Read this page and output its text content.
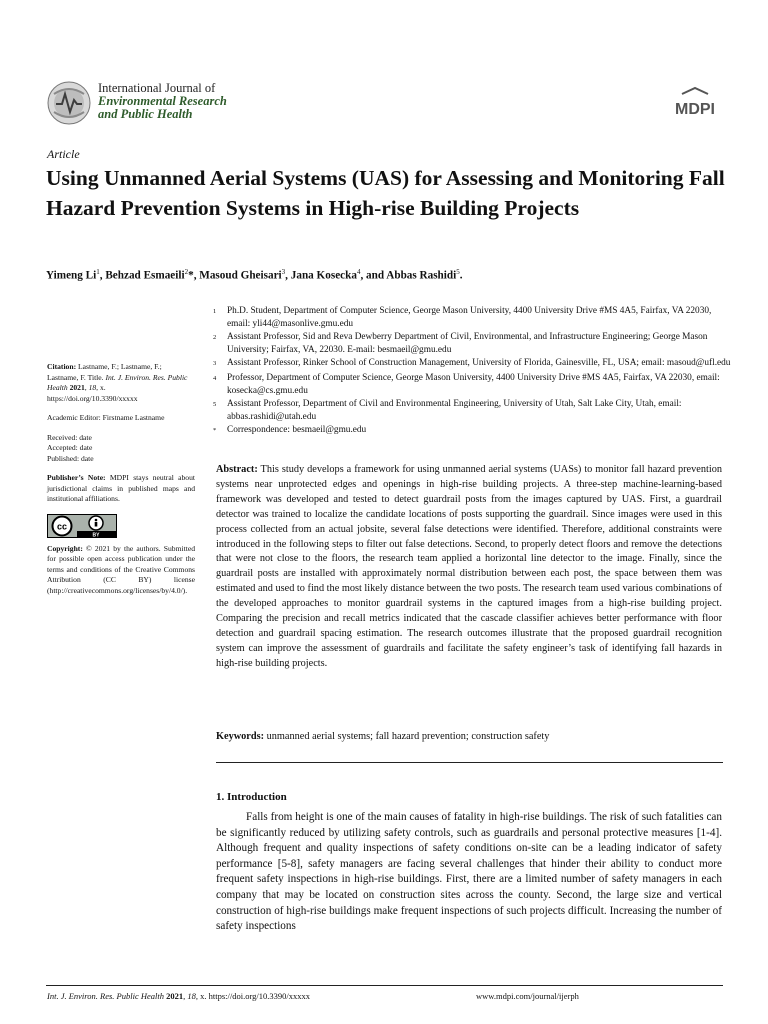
International Journal of
Environmental Research
and Public Health	MDPI
Article
Using Unmanned Aerial Systems (UAS) for Assessing and Monitoring Fall Hazard Prevention Systems in High-rise Building Projects
Yimeng Li$^1$, Behzad Esmaeili$^2$*, Masoud Gheisari$^3$, Jana Kosecka$^4$, and Abbas Rashidi$^5$.
1	Ph.D. Student, Department of Computer Science, George Mason University, 4400 University Drive #MS 4A5, Fairfax, VA 22030, email: yli44@masonlive.gmu.edu
2	Assistant Professor, Sid and Reva Dewberry Department of Civil, Environmental, and Infrastructure Engineering; George Mason University; Fairfax, VA, 22030. E-mail: besmaeil@gmu.edu
3	Assistant Professor, Rinker School of Construction Management, University of Florida, Gainesville, FL, USA; email: masoud@ufl.edu
4	Professor, Department of Computer Science, George Mason University, 4400 University Drive #MS 4A5, Fairfax, VA 22030, email: kosecka@cs.gmu.edu
5	Assistant Professor, Department of Civil and Environmental Engineering, University of Utah, Salt Lake City, Utah, email: abbas.rashidi@utah.edu
*	Correspondence: besmaeil@gmu.edu
Citation: Lastname, F.; Lastname, F.; Lastname, F. Title. Int. J. Environ. Res. Public Health 2021, 18, x. https://doi.org/10.3390/xxxxx
Academic Editor: Firstname Lastname
Received: date
Accepted: date
Published: date
Publisher’s Note: MDPI stays neutral about jurisdictional claims in published maps and institutional affiliations.
cc
BY
Copyright: © 2021 by the authors. Submitted for possible open access publication under the terms and conditions of the Creative Commons Attribution (CC BY) license (http://creativecommons.org/licenses/by/4.0/).

Abstract: This study develops a framework for using unmanned aerial systems (UASs) to monitor fall hazard prevention systems near unprotected edges and openings in high-rise building projects. A three-step machine-learning-based framework was developed and tested to detect guardrail posts from the images captured by UAS. First, a guardrail detector was trained to localize the candidate locations of posts supporting the guardrail. Since images were used in this process collected from an actual jobsite, several false detections were identified. Therefore, additional constraints were introduced in the following steps to filter out false detections. Second, to properly detect floors and remove the detections that were not close to the floors, the research team applied a horizontal line detector to the image. Finally, since the guardrail posts are installed with approximately normal distribution between each post, the space between them was estimated and used to find the most likely distance between the two posts. The research team used various combinations of the developed approaches to monitor guardrail systems in the captured images from a high-rise building project. Comparing the precision and recall metrics indicated that the cascade classifier achieves better performance with floor detection and guardrail spacing estimation. The research outcomes illustrate that the proposed guardrail recognition system can improve the assessment of guardrails and facilitate the safety engineer’s task of identifying fall hazards in high-rise building projects.

Keywords: unmanned aerial systems; fall hazard prevention; construction safety
1. Introduction

Falls from height is one of the main causes of fatality in high-rise buildings. The risk of such fatalities can be significantly reduced by utilizing safety controls, such as guardrails and personal protective measures [1-4]. Although frequent and quality inspections of safety conditions on-site can be a leading indicator of safety performance [5-8], safety managers are facing several challenges that hinder their ability to conduct more frequent safety inspections in high-rise buildings. First, there are a limited number of safety managers in each company that may be located on construction sites across the county. Second, the large size and vertical construction of high-rise buildings make frequent inspections of such projects difficult. Increasing the number of safety inspections

Int. J. Environ. Res. Public Health 2021, 18, x. https://doi.org/10.3390/xxxxx	www.mdpi.com/journal/ijerph
